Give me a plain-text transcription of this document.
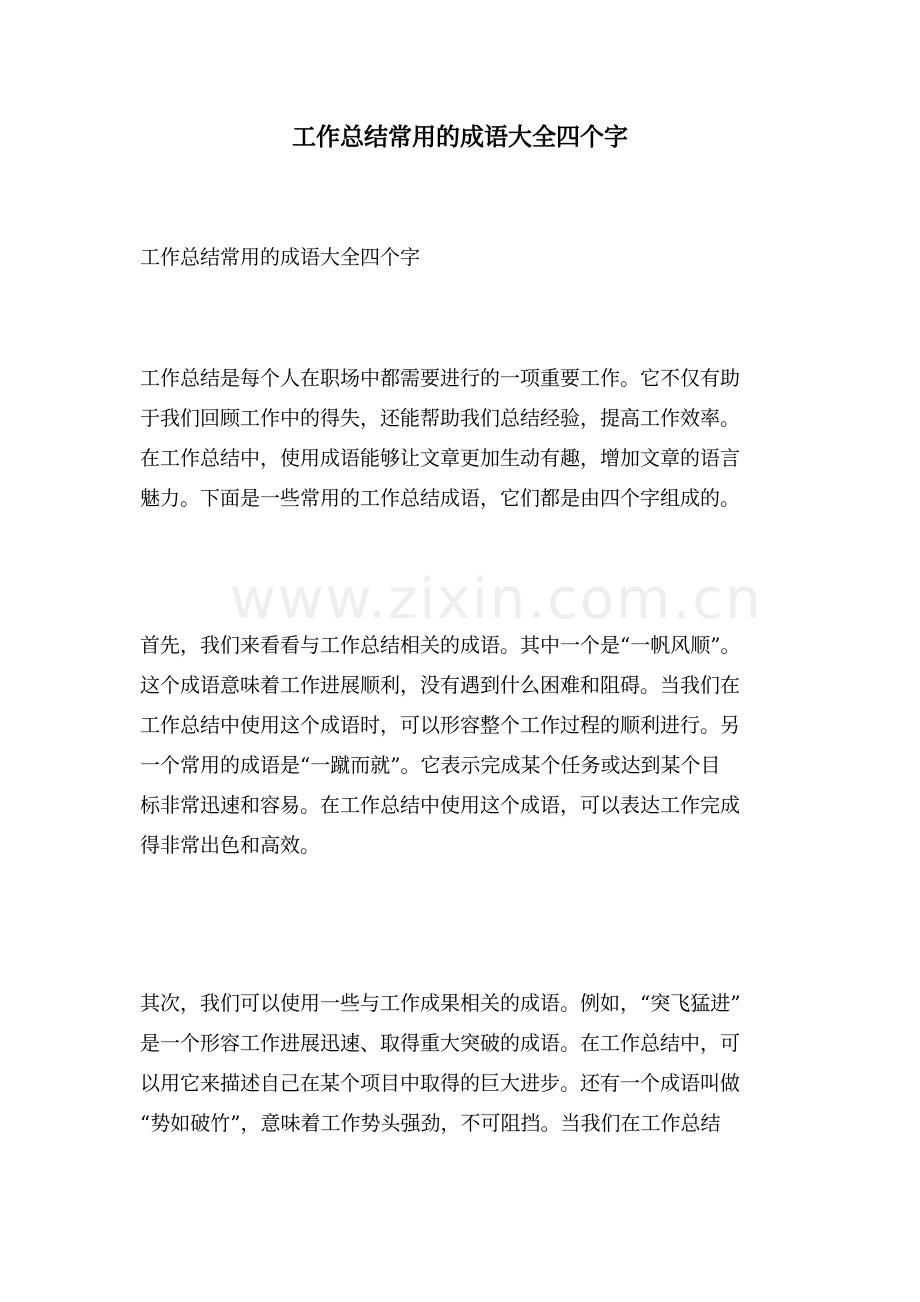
www.zixin.com.cn
工作总结常用的成语大全四个字
工作总结常用的成语大全四个字
工作总结是每个人在职场中都需要进行的一项重要工作。它不仅有助
于我们回顾工作中的得失，还能帮助我们总结经验，提高工作效率。
在工作总结中，使用成语能够让文章更加生动有趣，增加文章的语言
魅力。下面是一些常用的工作总结成语，它们都是由四个字组成的。
首先，我们来看看与工作总结相关的成语。其中一个是“一帆风顺”。
这个成语意味着工作进展顺利，没有遇到什么困难和阻碍。当我们在
工作总结中使用这个成语时，可以形容整个工作过程的顺利进行。另
一个常用的成语是“一蹴而就”。它表示完成某个任务或达到某个目
标非常迅速和容易。在工作总结中使用这个成语，可以表达工作完成
得非常出色和高效。
其次，我们可以使用一些与工作成果相关的成语。例如，“突飞猛进”
是一个形容工作进展迅速、取得重大突破的成语。在工作总结中，可
以用它来描述自己在某个项目中取得的巨大进步。还有一个成语叫做
“势如破竹”，意味着工作势头强劲，不可阻挡。当我们在工作总结
